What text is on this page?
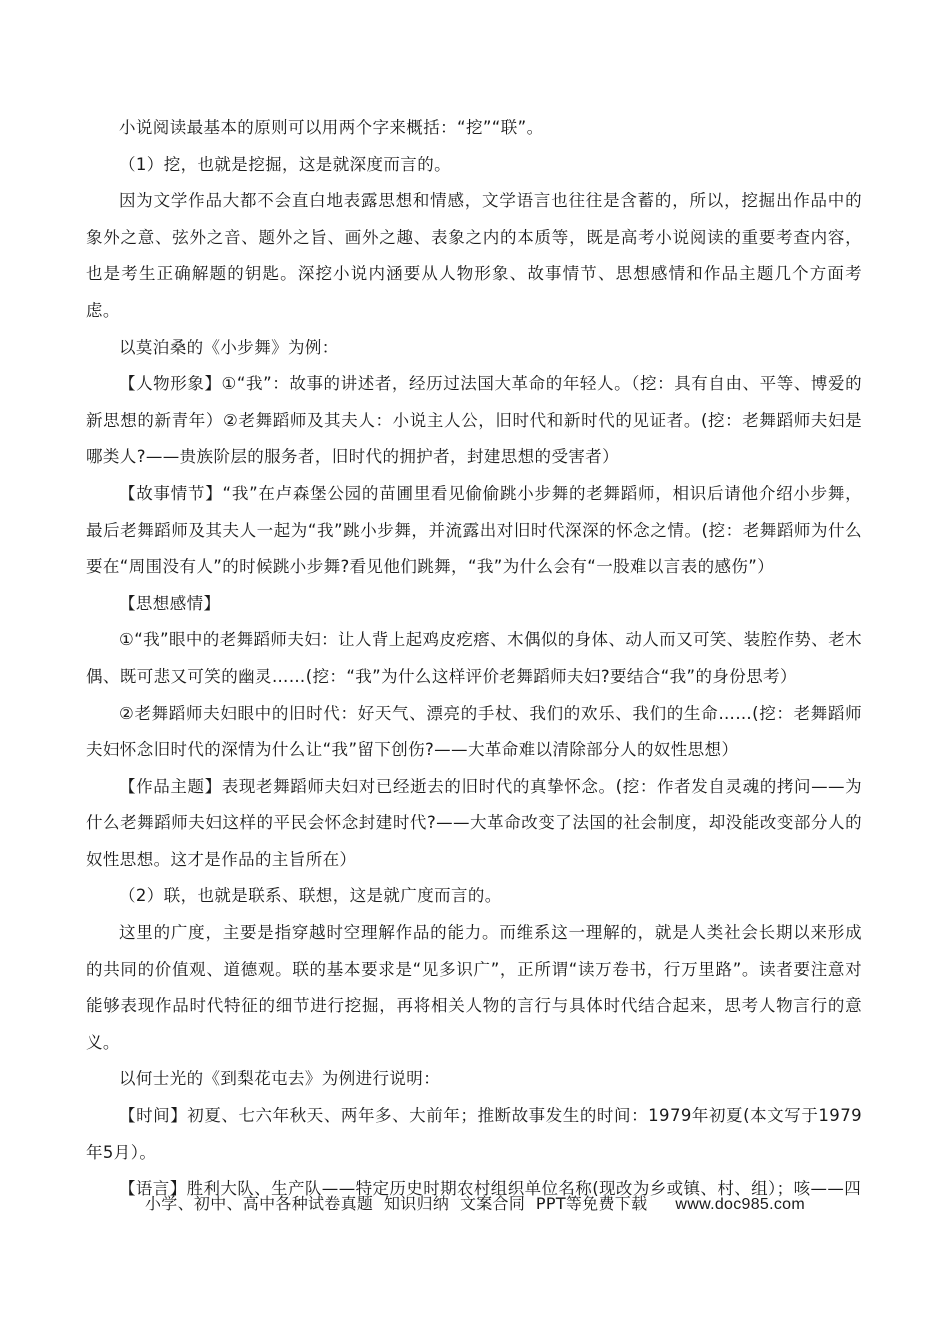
小说阅读最基本的原则可以用两个字来概括：“挖”“联”。

（1）挖，也就是挖掘，这是就深度而言的。

因为文学作品大都不会直白地表露思想和情感，文学语言也往往是含蓄的，所以，挖掘出作品中的象外之意、弦外之音、题外之旨、画外之趣、表象之内的本质等，既是高考小说阅读的重要考查内容，也是考生正确解题的钥匙。深挖小说内涵要从人物形象、故事情节、思想感情和作品主题几个方面考虑。

以莫泊桑的《小步舞》为例：

【人物形象】①“我”：故事的讲述者，经历过法国大革命的年轻人。（挖：具有自由、平等、博爱的新思想的新青年）②老舞蹈师及其夫人：小说主人公，旧时代和新时代的见证者。(挖：老舞蹈师夫妇是哪类人?——贵族阶层的服务者，旧时代的拥护者，封建思想的受害者）

【故事情节】“我”在卢森堡公园的苗圃里看见偷偷跳小步舞的老舞蹈师，相识后请他介绍小步舞，最后老舞蹈师及其夫人一起为“我”跳小步舞，并流露出对旧时代深深的怀念之情。(挖：老舞蹈师为什么要在“周围没有人”的时候跳小步舞?看见他们跳舞，“我”为什么会有“一股难以言表的感伤”）

【思想感情】

①“我”眼中的老舞蹈师夫妇：让人背上起鸡皮疙瘩、木偶似的身体、动人而又可笑、装腔作势、老木偶、既可悲又可笑的幽灵……(挖：“我”为什么这样评价老舞蹈师夫妇?要结合“我”的身份思考）

②老舞蹈师夫妇眼中的旧时代：好天气、漂亮的手杖、我们的欢乐、我们的生命……(挖：老舞蹈师夫妇怀念旧时代的深情为什么让“我”留下创伤?——大革命难以清除部分人的奴性思想）

【作品主题】表现老舞蹈师夫妇对已经逝去的旧时代的真挚怀念。(挖：作者发自灵魂的拷问——为什么老舞蹈师夫妇这样的平民会怀念封建时代?——大革命改变了法国的社会制度，却没能改变部分人的奴性思想。这才是作品的主旨所在）

（2）联，也就是联系、联想，这是就广度而言的。

这里的广度，主要是指穿越时空理解作品的能力。而维系这一理解的，就是人类社会长期以来形成的共同的价值观、道德观。联的基本要求是“见多识广”，正所谓“读万卷书，行万里路”。读者要注意对能够表现作品时代特征的细节进行挖掘，再将相关人物的言行与具体时代结合起来，思考人物言行的意义。

以何士光的《到梨花屯去》为例进行说明：

【时间】初夏、七六年秋天、两年多、大前年；推断故事发生的时间：1979年初夏(本文写于1979年5月）。

【语言】胜利大队、生产队——特定历史时期农村组织单位名称(现改为乡或镇、村、组）；咳——四

小学、初中、高中各种试卷真题  知识归纳  文案合同  PPT等免费下载 www.doc985.com
